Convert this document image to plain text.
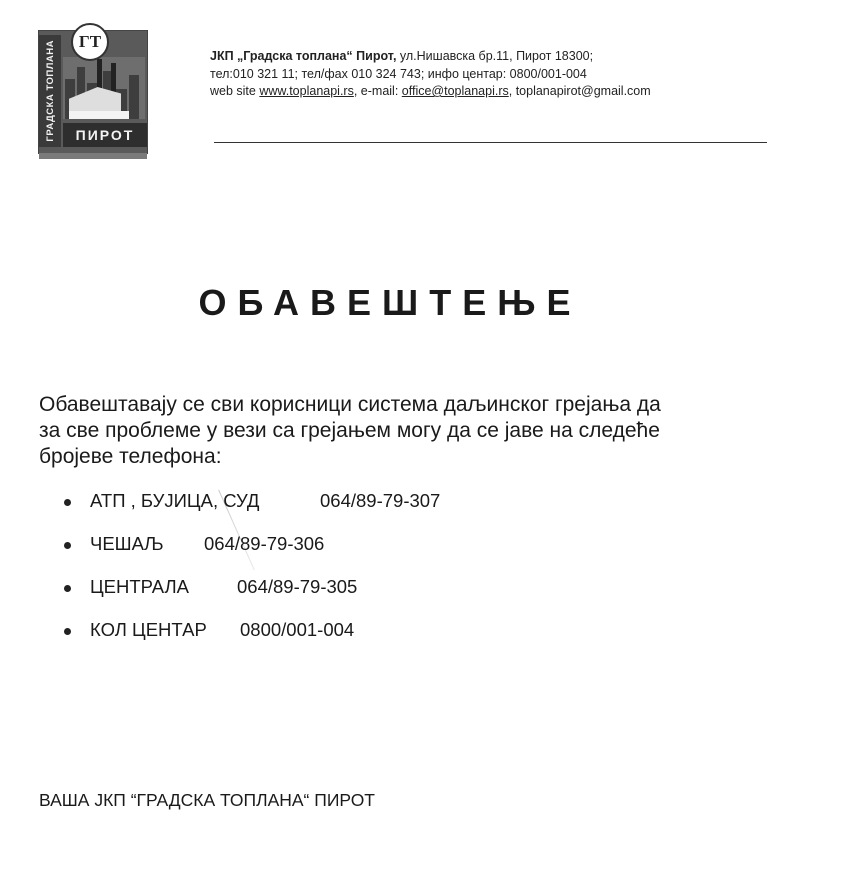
ГРАДСКА ТОПЛАНА	ГТ
ПИРОТ
ЈКП „Градска топлана“ Пирот, ул.Нишавска бр.11, Пирот 18300;
тел:010 321 11; тел/фах 010 324 743; инфо центар: 0800/001-004
web site www.toplanapi.rs, e-mail: office@toplanapi.rs, toplanapirot@gmail.com
ОБАВЕШТЕЊЕ
Обавештавају се сви корисници система даљинског грејања да
за све проблеме у вези са грејањем могу да се јаве на следеће
бројеве телефона:
АТП , БУЈИЦА, СУД	064/89-79-307
ЧЕШАЉ 064/89-79-306
ЦЕНТРАЛА	064/89-79-305
КОЛ ЦЕНТАР 0800/001-004
ВАША ЈКП “ГРАДСКА ТОПЛАНА“ ПИРОТ
